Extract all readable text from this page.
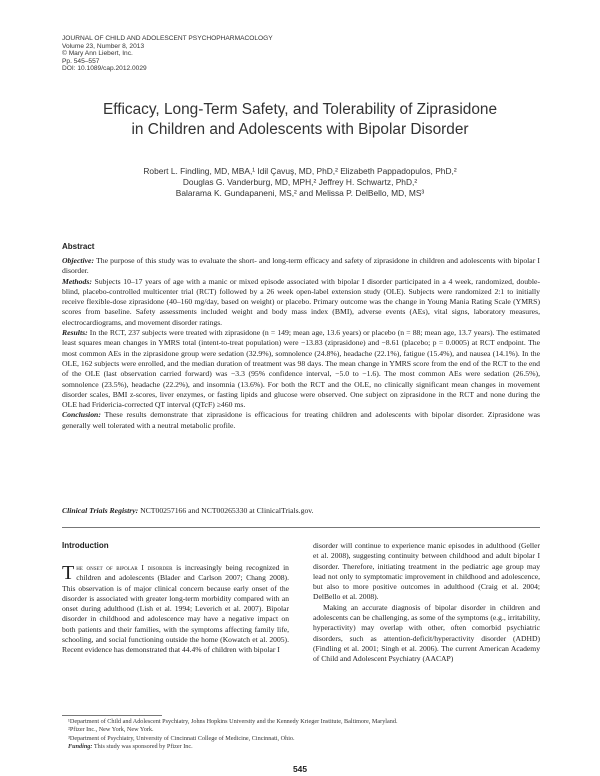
JOURNAL OF CHILD AND ADOLESCENT PSYCHOPHARMACOLOGY
Volume 23, Number 8, 2013
© Mary Ann Liebert, Inc.
Pp. 545–557
DOI: 10.1089/cap.2012.0029
Efficacy, Long-Term Safety, and Tolerability of Ziprasidone
in Children and Adolescents with Bipolar Disorder
Robert L. Findling, MD, MBA,¹ Idil Çavuş, MD, PhD,² Elizabeth Pappadopulos, PhD,²
Douglas G. Vanderburg, MD, MPH,² Jeffrey H. Schwartz, PhD,²
Balarama K. Gundapaneni, MS,² and Melissa P. DelBello, MD, MS³
Abstract

Objective: The purpose of this study was to evaluate the short- and long-term efficacy and safety of ziprasidone in children and adolescents with bipolar I disorder.

Methods: Subjects 10–17 years of age with a manic or mixed episode associated with bipolar I disorder participated in a 4 week, randomized, double-blind, placebo-controlled multicenter trial (RCT) followed by a 26 week open-label extension study (OLE). Subjects were randomized 2:1 to initially receive flexible-dose ziprasidone (40–160 mg/day, based on weight) or placebo. Primary outcome was the change in Young Mania Rating Scale (YMRS) scores from baseline. Safety assessments included weight and body mass index (BMI), adverse events (AEs), vital signs, laboratory measures, electrocardiograms, and movement disorder ratings.

Results: In the RCT, 237 subjects were treated with ziprasidone (n = 149; mean age, 13.6 years) or placebo (n = 88; mean age, 13.7 years). The estimated least squares mean changes in YMRS total (intent-to-treat population) were −13.83 (ziprasidone) and −8.61 (placebo; p = 0.0005) at RCT endpoint. The most common AEs in the ziprasidone group were sedation (32.9%), somnolence (24.8%), headache (22.1%), fatigue (15.4%), and nausea (14.1%). In the OLE, 162 subjects were enrolled, and the median duration of treatment was 98 days. The mean change in YMRS score from the end of the RCT to the end of the OLE (last observation carried forward) was −3.3 (95% confidence interval, −5.0 to −1.6). The most common AEs were sedation (26.5%), somnolence (23.5%), headache (22.2%), and insomnia (13.6%). For both the RCT and the OLE, no clinically significant mean changes in movement disorder scales, BMI z-scores, liver enzymes, or fasting lipids and glucose were observed. One subject on ziprasidone in the RCT and none during the OLE had Fridericia-corrected QT interval (QTcF) ≥460 ms.

Conclusion: These results demonstrate that ziprasidone is efficacious for treating children and adolescents with bipolar disorder. Ziprasidone was generally well tolerated with a neutral metabolic profile.

Clinical Trials Registry: NCT00257166 and NCT00265330 at ClinicalTrials.gov.
Introduction

The onset of bipolar I disorder is increasingly being recognized in children and adolescents (Blader and Carlson 2007; Chang 2008). This observation is of major clinical concern because early onset of the disorder is associated with greater long-term morbidity compared with an onset during adulthood (Lish et al. 1994; Leverich et al. 2007). Bipolar disorder in childhood and adolescence may have a negative impact on both patients and their families, with the symptoms affecting family life, schooling, and social functioning outside the home (Kowatch et al. 2005). Recent evidence has demonstrated that 44.4% of children with bipolar I

disorder will continue to experience manic episodes in adulthood (Geller et al. 2008), suggesting continuity between childhood and adult bipolar I disorder. Therefore, initiating treatment in the pediatric age group may lead not only to symptomatic improvement in childhood and adolescence, but also to more positive outcomes in adulthood (Craig et al. 2004; DelBello et al. 2008).

Making an accurate diagnosis of bipolar disorder in children and adolescents can be challenging, as some of the symptoms (e.g., irritability, hyperactivity) may overlap with other, often comorbid psychiatric disorders, such as attention-deficit/hyperactivity disorder (ADHD) (Findling et al. 2001; Singh et al. 2006). The current American Academy of Child and Adolescent Psychiatry (AACAP)

¹Department of Child and Adolescent Psychiatry, Johns Hopkins University and the Kennedy Krieger Institute, Baltimore, Maryland.
²Pfizer Inc., New York, New York.
³Department of Psychiatry, University of Cincinnati College of Medicine, Cincinnati, Ohio.
Funding: This study was sponsored by Pfizer Inc.
545
